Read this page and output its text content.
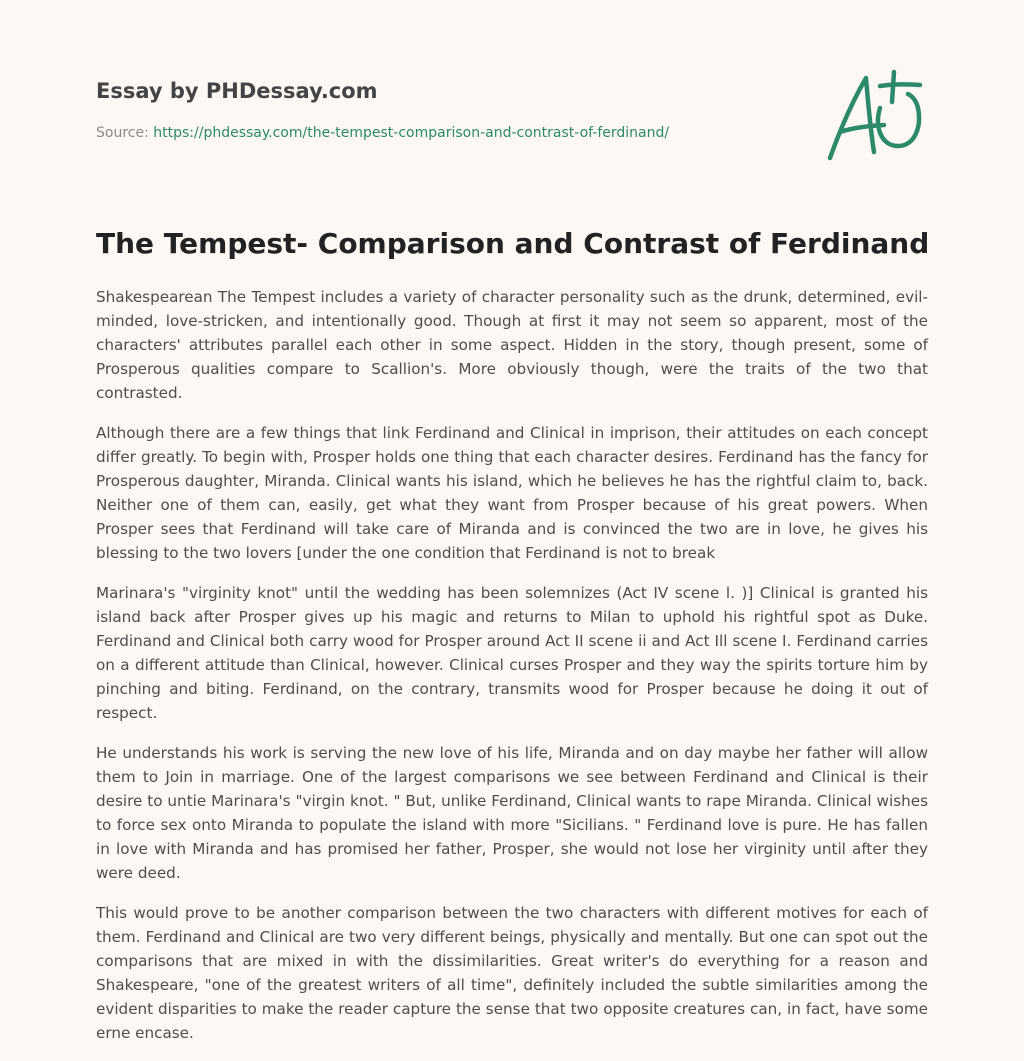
Essay by PHDessay.com
Source: https://phdessay.com/the-tempest-comparison-and-contrast-of-ferdinand/
The Tempest- Comparison and Contrast of Ferdinand

Shakespearean The Tempest includes a variety of character personality such as the drunk, determined, evil-minded, love-stricken, and intentionally good. Though at first it may not seem so apparent, most of the characters' attributes parallel each other in some aspect. Hidden in the story, though present, some of Prosperous qualities compare to Scallion's. More obviously though, were the traits of the two that contrasted.

Although there are a few things that link Ferdinand and Clinical in imprison, their attitudes on each concept differ greatly. To begin with, Prosper holds one thing that each character desires. Ferdinand has the fancy for Prosperous daughter, Miranda. Clinical wants his island, which he believes he has the rightful claim to, back. Neither one of them can, easily, get what they want from Prosper because of his great powers. When Prosper sees that Ferdinand will take care of Miranda and is convinced the two are in love, he gives his blessing to the two lovers [under the one condition that Ferdinand is not to break

Marinara's "virginity knot" until the wedding has been solemnizes (Act IV scene l. )] Clinical is granted his island back after Prosper gives up his magic and returns to Milan to uphold his rightful spot as Duke. Ferdinand and Clinical both carry wood for Prosper around Act II scene ii and Act Ill scene I. Ferdinand carries on a different attitude than Clinical, however. Clinical curses Prosper and they way the spirits torture him by pinching and biting. Ferdinand, on the contrary, transmits wood for Prosper because he doing it out of respect.

He understands his work is serving the new love of his life, Miranda and on day maybe her father will allow them to Join in marriage. One of the largest comparisons we see between Ferdinand and Clinical is their desire to untie Marinara's "virgin knot. " But, unlike Ferdinand, Clinical wants to rape Miranda. Clinical wishes to force sex onto Miranda to populate the island with more "Sicilians. " Ferdinand love is pure. He has fallen in love with Miranda and has promised her father, Prosper, she would not lose her virginity until after they were deed.

This would prove to be another comparison between the two characters with different motives for each of them. Ferdinand and Clinical are two very different beings, physically and mentally. But one can spot out the comparisons that are mixed in with the dissimilarities. Great writer's do everything for a reason and Shakespeare, "one of the greatest writers of all time", definitely included the subtle similarities among the evident disparities to make the reader capture the sense that two opposite creatures can, in fact, have some erne encase.
